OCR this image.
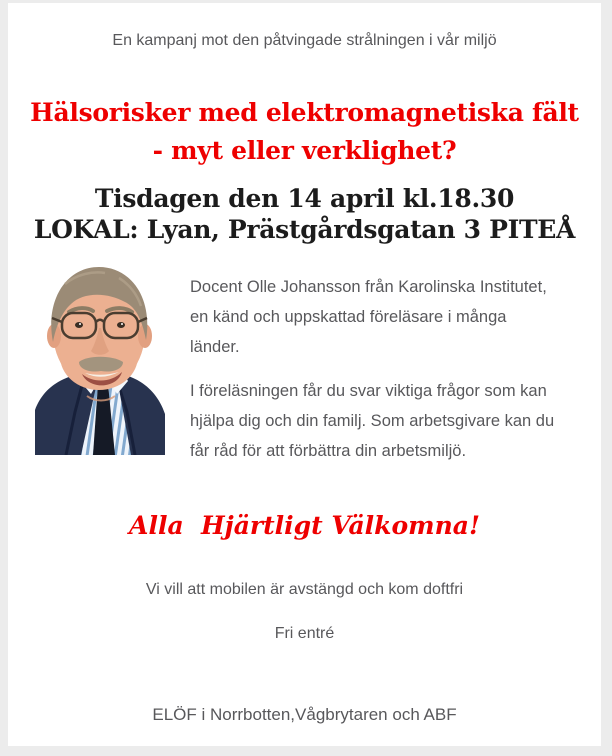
En kampanj mot den påtvingade strålningen i vår miljö
Hälsorisker med elektromagnetiska fält
- myt eller verklighet?
Tisdagen den 14 april kl.18.30
LOKAL: Lyan, Prästgårdsgatan 3 PITEÅ
Docent Olle Johansson från Karolinska Institutet,
en känd och uppskattad föreläsare i många
länder.
I föreläsningen får du svar viktiga frågor som kan
hjälpa dig och din familj. Som arbetsgivare kan du
får råd för att förbättra din arbetsmiljö.
Alla  Hjärtligt Välkomna!
Vi vill att mobilen är avstängd och kom doftfri
Fri entré
ELÖF i Norrbotten,Vågbrytaren och ABF
